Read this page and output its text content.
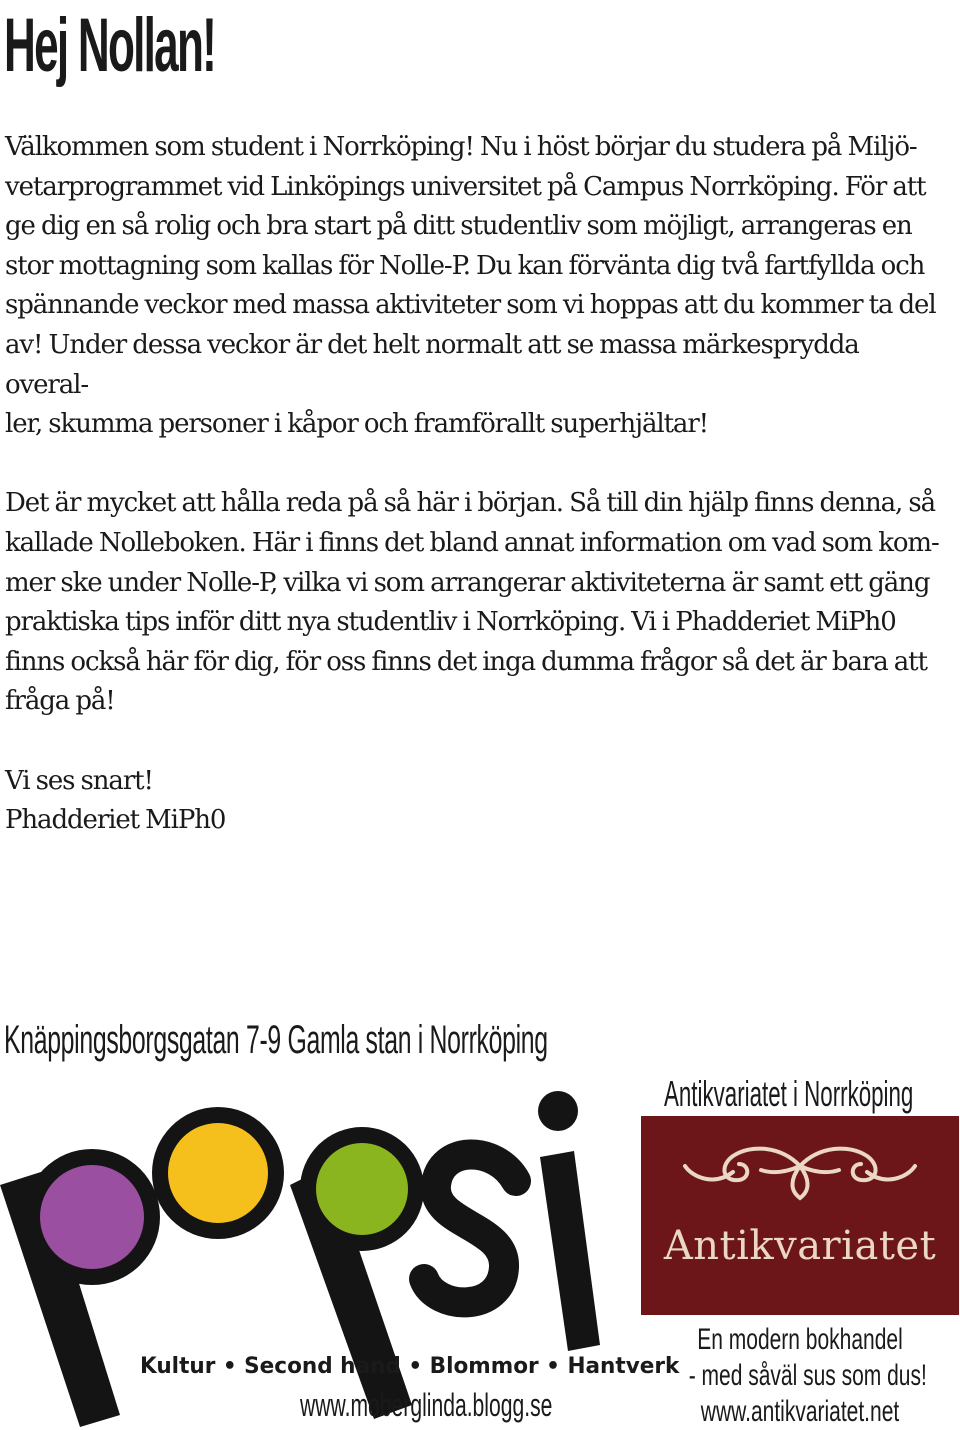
Hej Nollan!

Välkommen som student i Norrköping! Nu i höst börjar du studera på Miljö-
vetarprogrammet vid Linköpings universitet på Campus Norrköping. För att
ge dig en så rolig och bra start på ditt studentliv som möjligt, arrangeras en
stor mottagning som kallas för Nolle-P. Du kan förvänta dig två fartfyllda och
spännande veckor med massa aktiviteter som vi hoppas att du kommer ta del
av! Under dessa veckor är det helt normalt att se massa märkesprydda overal-
ler, skumma personer i kåpor och framförallt superhjältar!

Det är mycket att hålla reda på så här i början. Så till din hjälp finns denna, så
kallade Nolleboken. Här i finns det bland annat information om vad som kom-
mer ske under Nolle-P, vilka vi som arrangerar aktiviteterna är samt ett gäng
praktiska tips inför ditt nya studentliv i Norrköping. Vi i Phadderiet MiPh0
finns också här för dig, för oss finns det inga dumma frågor så det är bara att
fråga på!

Vi ses snart!
Phadderiet MiPh0

Knäppingsborgsgatan 7-9 Gamla stan i Norrköping
Kultur • Second hand • Blommor • Hantverk
www.moberglinda.blogg.se
Antikvariatet i Norrköping
Antikvariatet
En modern bokhandel
- med såväl sus som dus!
www.antikvariatet.net
